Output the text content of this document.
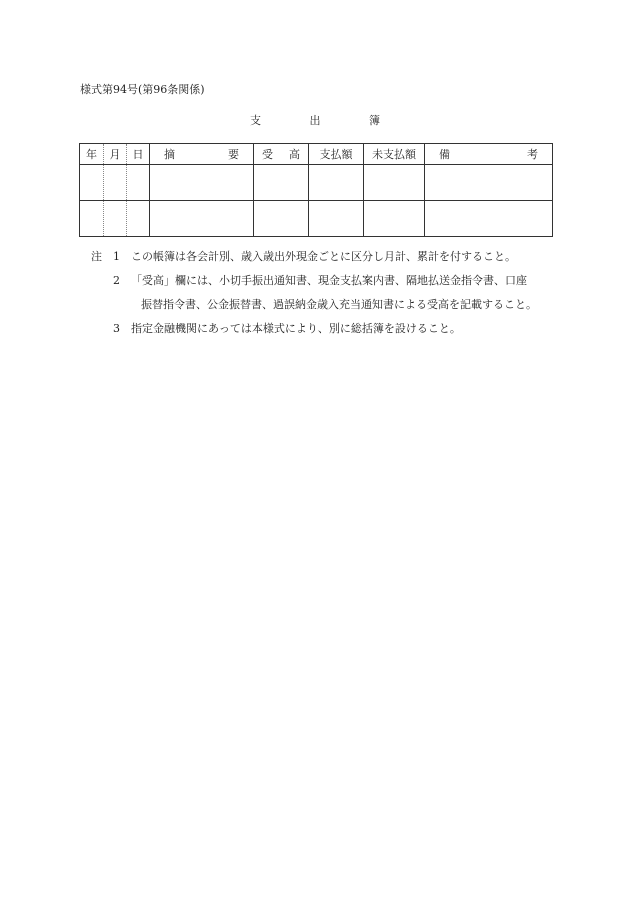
様式第94号(第96条関係)
支	出	簿
年	月	日	摘 要	受 高	支払額	未支払額	備 考

注	1	この帳簿は各会計別、歳入歳出外現金ごとに区分し月計、累計を付すること。
2	「受高」欄には、小切手振出通知書、現金支払案内書、隔地払送金指令書、口座
振替指令書、公金振替書、過誤納金歳入充当通知書による受高を記載すること。
3	指定金融機関にあっては本様式により、別に総括簿を設けること。
